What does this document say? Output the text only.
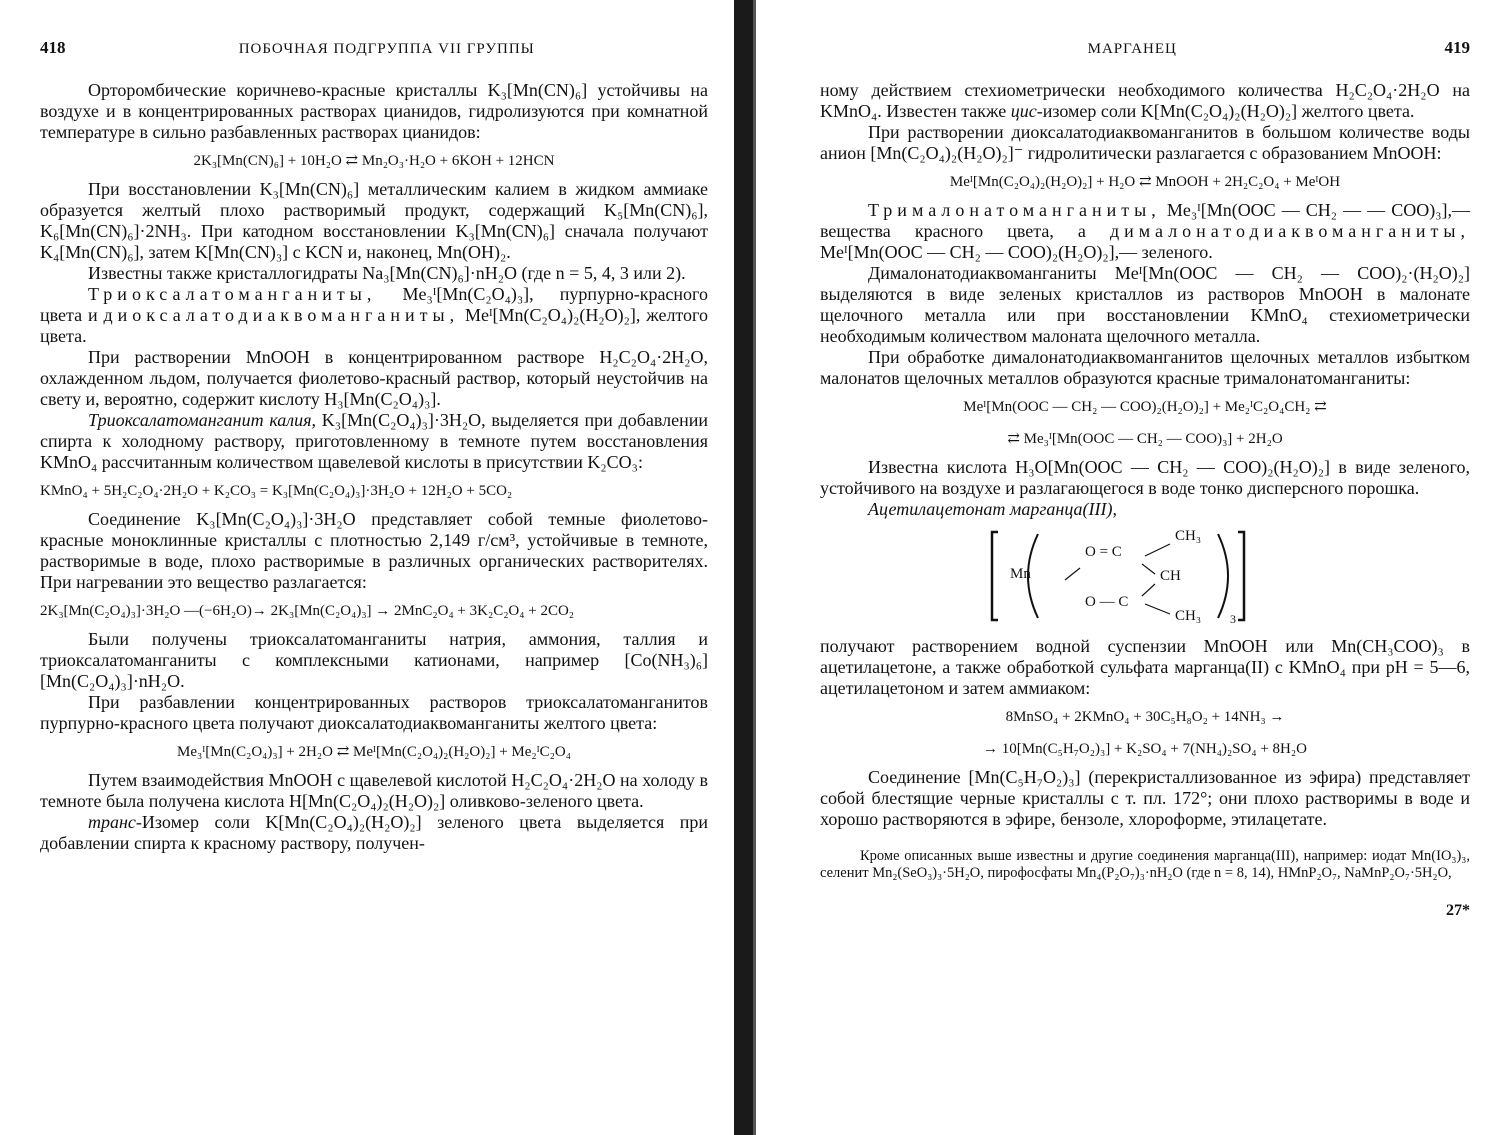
418	ПОБОЧНАЯ ПОДГРУППА VII ГРУППЫ

Орторомбические коричнево-красные кристаллы K₃[Mn(CN)₆] устойчивы на воздухе и в концентрированных растворах цианидов, гидролизуются при комнатной температуре в сильно разбавленных растворах цианидов:

2K₃[Mn(CN)₆] + 10H₂O ⇄ Mn₂O₃·H₂O + 6KOH + 12HCN

При восстановлении K₃[Mn(CN)₆] металлическим калием в жидком аммиаке образуется желтый плохо растворимый продукт, содержащий K₅[Mn(CN)₆], K₆[Mn(CN)₆]·2NH₃. При катодном восстановлении K₃[Mn(CN)₆] сначала получают K₄[Mn(CN)₆], затем K[Mn(CN)₃] c KCN и, наконец, Mn(OH)₂.

Известны также кристаллогидраты Na₃[Mn(CN)₆]·nH₂O (где n = 5, 4, 3 или 2).

Триоксалатоманганиты, Me₃ᴵ[Mn(C₂O₄)₃], пурпурно-красного цвета и диоксалатодиаквоманганиты, Meᴵ[Mn(C₂O₄)₂(H₂O)₂], желтого цвета.

При растворении MnOOH в концентрированном растворе H₂C₂O₄·2H₂O, охлажденном льдом, получается фиолетово-красный раствор, который неустойчив на свету и, вероятно, содержит кислоту H₃[Mn(C₂O₄)₃].

Триоксалатоманганит калия, K₃[Mn(C₂O₄)₃]·3H₂O, выделяется при добавлении спирта к холодному раствору, приготовленному в темноте путем восстановления KMnO₄ рассчитанным количеством щавелевой кислоты в присутствии K₂CO₃:

KMnO₄ + 5H₂C₂O₄·2H₂O + K₂CO₃ = K₃[Mn(C₂O₄)₃]·3H₂O + 12H₂O + 5CO₂

Соединение K₃[Mn(C₂O₄)₃]·3H₂O представляет собой темные фиолетово-красные моноклинные кристаллы с плотностью 2,149 г/см³, устойчивые в темноте, растворимые в воде, плохо растворимые в различных органических растворителях. При нагревании это вещество разлагается:

2K₃[Mn(C₂O₄)₃]·3H₂O —(−6H₂O)→ 2K₃[Mn(C₂O₄)₃] → 2MnC₂O₄ + 3K₂C₂O₄ + 2CO₂

Были получены триоксалатоманганиты натрия, аммония, таллия и триоксалатоманганиты с комплексными катионами, например [Co(NH₃)₆][Mn(C₂O₄)₃]·nH₂O.

При разбавлении концентрированных растворов триоксалатоманганитов пурпурно-красного цвета получают диоксалатодиаквоманганиты желтого цвета:

Me₃ᴵ[Mn(C₂O₄)₃] + 2H₂O ⇄ Meᴵ[Mn(C₂O₄)₂(H₂O)₂] + Me₂ᴵC₂O₄

Путем взаимодействия MnOOH с щавелевой кислотой H₂C₂O₄·2H₂O на холоду в темноте была получена кислота H[Mn(C₂O₄)₂(H₂O)₂] оливково-зеленого цвета.

транс-Изомер соли K[Mn(C₂O₄)₂(H₂O)₂] зеленого цвета выделяется при добавлении спирта к красному раствору, получен-

МАРГАНЕЦ	419

ному действием стехиометрически необходимого количества H₂C₂O₄·2H₂O на KMnO₄. Известен также цис-изомер соли K[Mn(C₂O₄)₂(H₂O)₂] желтого цвета.

При растворении диоксалатодиаквоманганитов в большом количестве воды анион [Mn(C₂O₄)₂(H₂O)₂]⁻ гидролитически разлагается с образованием MnOOH:

Meᴵ[Mn(C₂O₄)₂(H₂O)₂] + H₂O ⇄ MnOOH + 2H₂C₂O₄ + MeᴵOH

Трималонатоманганиты, Me₃ᴵ[Mn(OOC — CH₂ — — COO)₃],— вещества красного цвета, а дималонатодиаквоманганиты, Meᴵ[Mn(OOC — CH₂ — COO)₂(H₂O)₂],— зеленого.

Дималонатодиаквоманганиты Meᴵ[Mn(OOC — CH₂ — COO)₂·(H₂O)₂] выделяются в виде зеленых кристаллов из растворов MnOOH в малонате щелочного металла или при восстановлении KMnO₄ стехиометрически необходимым количеством малоната щелочного металла.

При обработке дималонатодиаквоманганитов щелочных металлов избытком малонатов щелочных металлов образуются красные трималонатоманганиты:

Meᴵ[Mn(OOC — CH₂ — COO)₂(H₂O)₂] + Me₂ᴵC₂O₄CH₂ ⇄
⇄ Me₃ᴵ[Mn(OOC — CH₂ — COO)₃] + 2H₂O

Известна кислота H₃O[Mn(OOC — CH₂ — COO)₂(H₂O)₂] в виде зеленого, устойчивого на воздухе и разлагающегося в воде тонко дисперсного порошка.

Ацетилацетонат марганца(III),

Mn
O = C
O — C
CH₃
CH
CH₃ 3

получают растворением водной суспензии MnOOH или Mn(CH₃COO)₃ в ацетилацетоне, а также обработкой сульфата марганца(II) с KMnO₄ при pH = 5—6, ацетилацетоном и затем аммиаком:

8MnSO₄ + 2KMnO₄ + 30C₅H₈O₂ + 14NH₃ →
→ 10[Mn(C₅H₇O₂)₃] + K₂SO₄ + 7(NH₄)₂SO₄ + 8H₂O

Соединение [Mn(C₅H₇O₂)₃] (перекристаллизованное из эфира) представляет собой блестящие черные кристаллы с т. пл. 172°; они плохо растворимы в воде и хорошо растворяются в эфире, бензоле, хлороформе, этилацетате.

Кроме описанных выше известны и другие соединения марганца(III), например: иодат Mn(IO₃)₃, селенит Mn₂(SeO₃)₃·5H₂O, пирофосфаты Mn₄(P₂O₇)₃·nH₂O (где n = 8, 14), HMnP₂O₇, NaMnP₂O₇·5H₂O,

27*
